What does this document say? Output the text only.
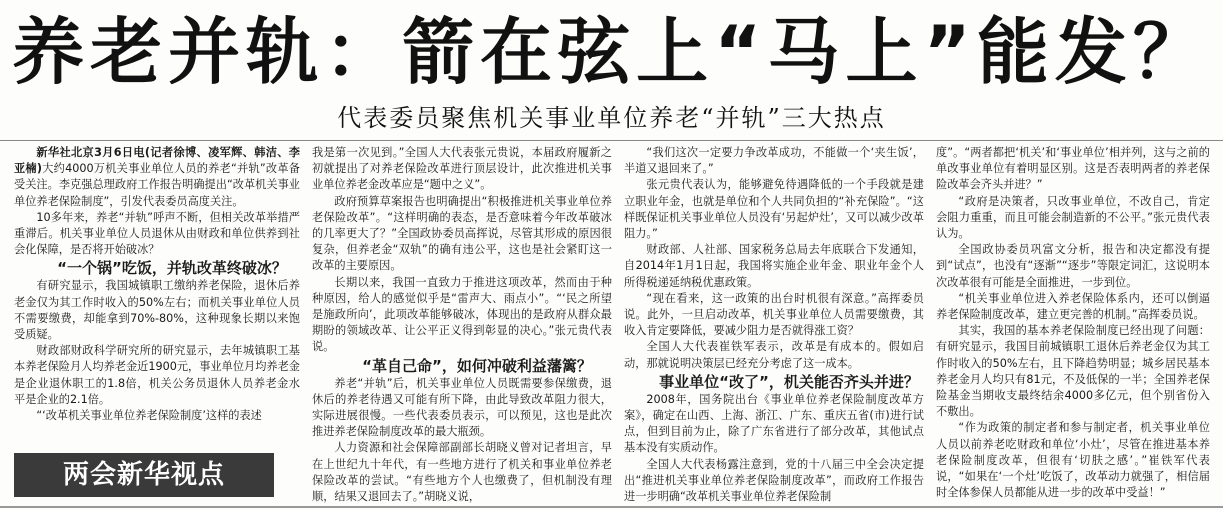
养老并轨：箭在弦上“马上”能发？
代表委员聚焦机关事业单位养老“并轨”三大热点

新华社北京3月6日电(记者徐博、凌军辉、韩洁、李亚楠)大约4000万机关事业单位人员的养老“并轨”改革备受关注。李克强总理政府工作报告明确提出“改革机关事业单位养老保险制度”，引发代表委员高度关注。

10多年来，养老“并轨”呼声不断，但相关改革举措严重滞后。机关事业单位人员退休从由财政和单位供养到社会化保障，是否将开始破冰？

“一个锅”吃饭，并轨改革终破冰？

有研究显示，我国城镇职工缴纳养老保险，退休后养老金仅为其工作时收入的50%左右；而机关事业单位人员不需要缴费，却能拿到70%-80%，这种现象长期以来饱受质疑。

财政部财政科学研究所的研究显示，去年城镇职工基本养老保险月人均养老金近1900元，事业单位月均养老金是企业退休职工的1.8倍，机关公务员退休人员养老金水平是企业的2.1倍。

“‘改革机关事业单位养老保险制度’这样的表述

我是第一次见到。”全国人大代表张元贵说，本届政府履新之初就提出了对养老保险改革进行顶层设计，此次推进机关事业单位养老金改革应是“题中之义”。

政府预算草案报告也明确提出“积极推进机关事业单位养老保险改革”。“这样明确的表态，是否意味着今年改革破冰的几率更大了？”全国政协委员高挥说，尽管其形成的原因很复杂，但养老金“双轨”的确有违公平，这也是社会紧盯这一改革的主要原因。

长期以来，我国一直致力于推进这项改革，然而由于种种原因，给人的感觉似乎是“雷声大、雨点小”。“‘民之所望是施政所向’，此项改革能够破冰，体现出的是政府从群众最期盼的领域改革、让公平正义得到彰显的决心。”张元贵代表说。

“革自己命”，如何冲破利益藩篱？

养老“并轨”后，机关事业单位人员既需要参保缴费，退休后的养老待遇又可能有所下降，由此导致改革阻力很大，实际进展很慢。一些代表委员表示，可以预见，这也是此次推进养老保险制度改革的最大瓶颈。

人力资源和社会保障部副部长胡晓义曾对记者坦言，早在上世纪九十年代，有一些地方进行了机关和事业单位养老保险改革的尝试。“有些地方个人也缴费了，但机制没有理顺，结果又退回去了。”胡晓义说，

“我们这次一定要力争改革成功，不能做一个‘夹生饭’，半道又退回来了。”

张元贵代表认为，能够避免待遇降低的一个手段就是建立职业年金，也就是单位和个人共同负担的“补充保险”。“这样既保证机关事业单位人员没有‘另起炉灶’，又可以减少改革阻力。”

财政部、人社部、国家税务总局去年底联合下发通知，自2014年1月1日起，我国将实施企业年金、职业年金个人所得税递延纳税优惠政策。

“现在看来，这一政策的出台时机很有深意。”高挥委员说。此外，一旦启动改革，机关事业单位人员需要缴费，其收入肯定要降低，要减少阻力是否就得涨工资？

全国人大代表崔铁军表示，改革是有成本的。假如启动，那就说明决策层已经充分考虑了这一成本。

事业单位“改了”，机关能否齐头并进？

2008年，国务院出台《事业单位养老保险制度改革方案》，确定在山西、上海、浙江、广东、重庆五省(市)进行试点，但到目前为止，除了广东省进行了部分改革，其他试点基本没有实质动作。

全国人大代表杨露注意到，党的十八届三中全会决定提出“推进机关事业单位养老保险制度改革”，而政府工作报告进一步明确“改革机关事业单位养老保险制

度”。“两者都把‘机关’和‘事业单位’相并列，这与之前的单改事业单位有着明显区别。这是否表明两者的养老保险改革会齐头并进？”

“政府是决策者，只改事业单位，不改自己，肯定会阻力重重，而且可能会制造新的不公平。”张元贵代表认为。

全国政协委员巩富文分析，报告和决定都没有提到“试点”，也没有“逐渐”“逐步”等限定词汇，这说明本次改革很有可能是全面推进，一步到位。

“机关事业单位进入养老保险体系内，还可以倒逼养老保险制度改革，建立更完善的机制。”高挥委员说。

其实，我国的基本养老保险制度已经出现了问题：有研究显示，我国目前城镇职工退休后养老金仅为其工作时收入的50%左右，且下降趋势明显；城乡居民基本养老金月人均只有81元，不及低保的一半；全国养老保险基金当期收支最终结余4000多亿元，但个别省份入不敷出。

“作为政策的制定者和参与制定者，机关事业单位人员以前养老吃财政和单位‘小灶’，尽管在推进基本养老保险制度改革，但很有‘切肤之感’。”崔铁军代表说，“如果在‘一个灶’吃饭了，改革动力就强了，相信届时全体参保人员都能从进一步的改革中受益！”

两会新华视点
